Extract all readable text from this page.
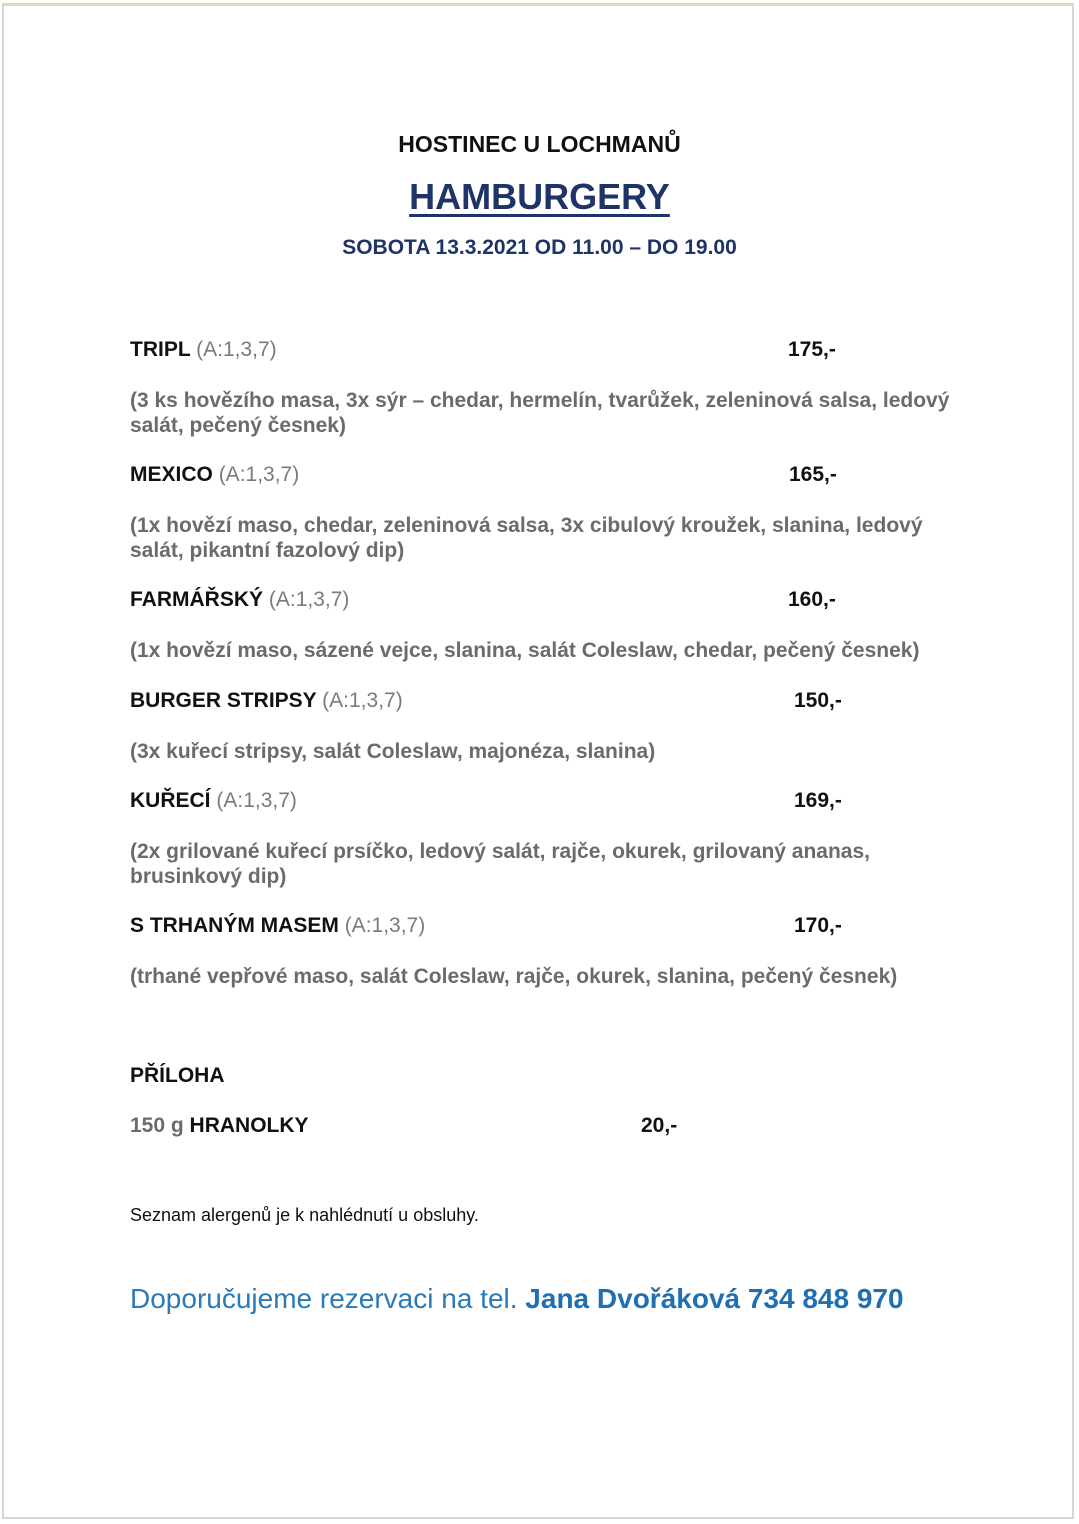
HOSTINEC U LOCHMANŮ
HAMBURGERY
SOBOTA 13.3.2021 OD 11.00 – DO 19.00
TRIPL (A:1,3,7)	175,-
(3 ks hovězího masa, 3x sýr – chedar, hermelín, tvarůžek, zeleninová salsa, ledový salát, pečený česnek)
MEXICO (A:1,3,7)	165,-
(1x hovězí maso, chedar, zeleninová salsa, 3x cibulový kroužek, slanina, ledový salát, pikantní fazolový dip)
FARMÁŘSKÝ (A:1,3,7)	160,-
(1x hovězí maso, sázené vejce, slanina, salát Coleslaw, chedar, pečený česnek)
BURGER STRIPSY (A:1,3,7)	150,-
(3x kuřecí stripsy, salát Coleslaw, majonéza, slanina)
KUŘECÍ (A:1,3,7)	169,-
(2x grilované kuřecí prsíčko, ledový salát, rajče, okurek, grilovaný ananas, brusinkový dip)
S TRHANÝM MASEM (A:1,3,7)	170,-
(trhané vepřové maso, salát Coleslaw, rajče, okurek, slanina, pečený česnek)
PŘÍLOHA
150 g HRANOLKY	20,-
Seznam alergenů je k nahlédnutí u obsluhy.
Doporučujeme rezervaci na tel. Jana Dvořáková 734 848 970
